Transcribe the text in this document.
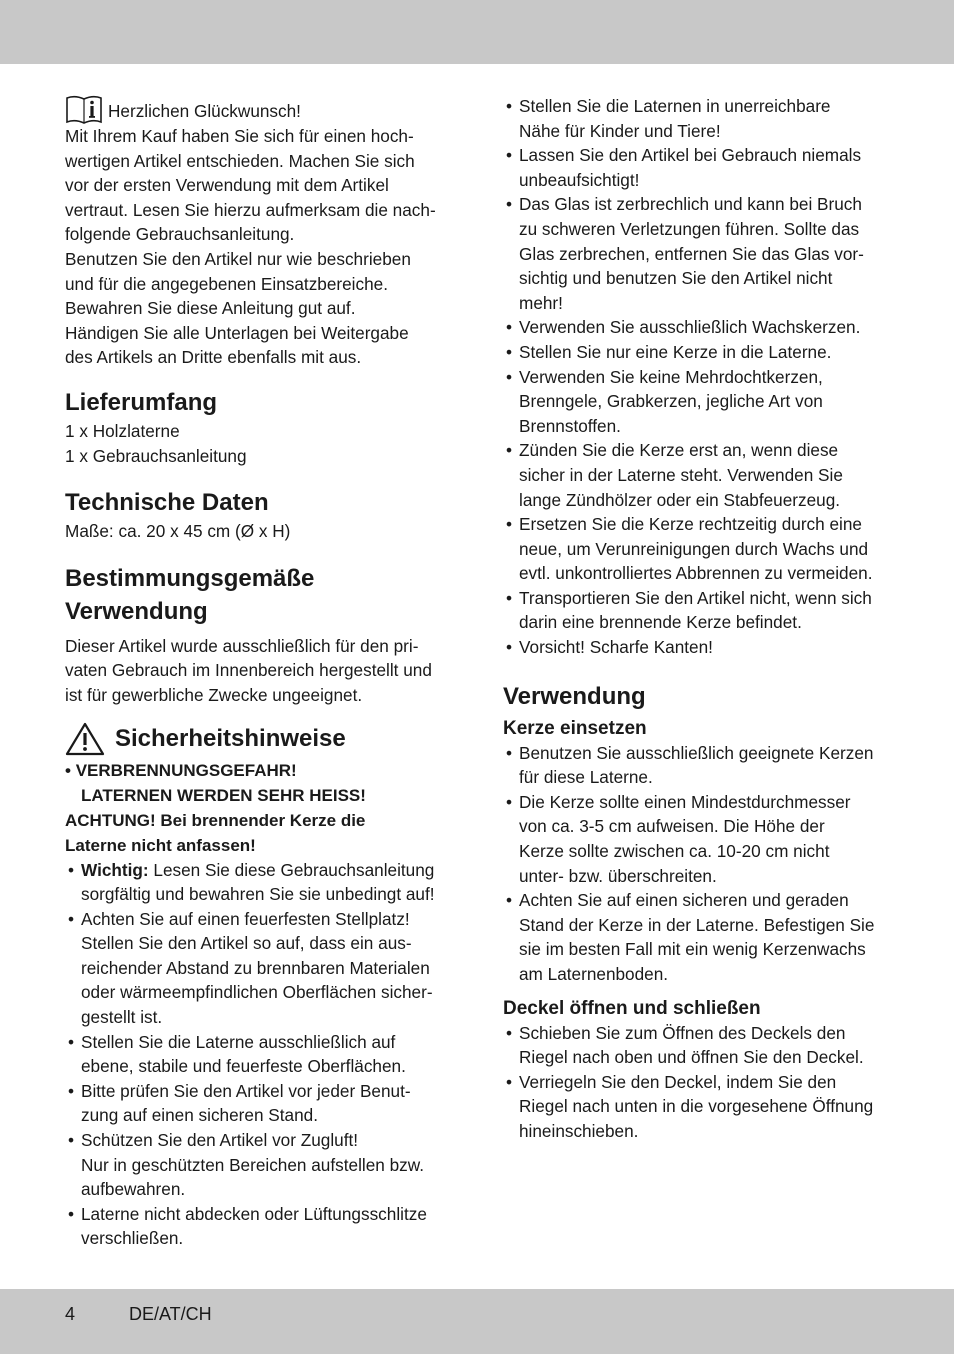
Herzlichen Glückwunsch!

Mit Ihrem Kauf haben Sie sich für einen hoch-

wertigen Artikel entschieden. Machen Sie sich

vor der ersten Verwendung mit dem Artikel

vertraut. Lesen Sie hierzu aufmerksam die nach-

folgende Gebrauchsanleitung.

Benutzen Sie den Artikel nur wie beschrieben

und für die angegebenen Einsatzbereiche.

Bewahren Sie diese Anleitung gut auf.

Händigen Sie alle Unterlagen bei Weitergabe

des Artikels an Dritte ebenfalls mit aus.

Lieferumfang

1 x Holzlaterne

1 x Gebrauchsanleitung

Technische Daten

Maße: ca. 20 x 45 cm (Ø x H)

Bestimmungsgemäße
Verwendung

Dieser Artikel wurde ausschließlich für den pri-

vaten Gebrauch im Innenbereich hergestellt und

ist für gewerbliche Zwecke ungeeignet.

Sicherheitshinweise
• VERBRENNUNGSGEFAHR!
LATERNEN WERDEN SEHR HEISS!
ACHTUNG! Bei brennender Kerze die
Laterne nicht anfassen!
• Wichtig: Lesen Sie diese Gebrauchsanleitung
sorgfältig und bewahren Sie sie unbedingt auf!
• Achten Sie auf einen feuerfesten Stellplatz!
Stellen Sie den Artikel so auf, dass ein aus-
reichender Abstand zu brennbaren Materialen
oder wärmeempfindlichen Oberflächen sicher-
gestellt ist.
• Stellen Sie die Laterne ausschließlich auf
ebene, stabile und feuerfeste Oberflächen.
• Bitte prüfen Sie den Artikel vor jeder Benut-
zung auf einen sicheren Stand.
• Schützen Sie den Artikel vor Zugluft!
Nur in geschützten Bereichen aufstellen bzw.
aufbewahren.
• Laterne nicht abdecken oder Lüftungsschlitze
verschließen.
• Stellen Sie die Laternen in unerreichbare
Nähe für Kinder und Tiere!
• Lassen Sie den Artikel bei Gebrauch niemals
unbeaufsichtigt!
• Das Glas ist zerbrechlich und kann bei Bruch
zu schweren Verletzungen führen. Sollte das
Glas zerbrechen, entfernen Sie das Glas vor-
sichtig und benutzen Sie den Artikel nicht
mehr!
• Verwenden Sie ausschließlich Wachskerzen.
• Stellen Sie nur eine Kerze in die Laterne.
• Verwenden Sie keine Mehrdochtkerzen,
Brenngele, Grabkerzen, jegliche Art von
Brennstoffen.
• Zünden Sie die Kerze erst an, wenn diese
sicher in der Laterne steht. Verwenden Sie
lange Zündhölzer oder ein Stabfeuerzeug.
• Ersetzen Sie die Kerze rechtzeitig durch eine
neue, um Verunreinigungen durch Wachs und
evtl. unkontrolliertes Abbrennen zu vermeiden.
• Transportieren Sie den Artikel nicht, wenn sich
darin eine brennende Kerze befindet.
• Vorsicht! Scharfe Kanten!
Verwendung
Kerze einsetzen
• Benutzen Sie ausschließlich geeignete Kerzen
für diese Laterne.
• Die Kerze sollte einen Mindestdurchmesser
von ca. 3-5 cm aufweisen. Die Höhe der
Kerze sollte zwischen ca. 10-20 cm nicht
unter- bzw. überschreiten.
• Achten Sie auf einen sicheren und geraden
Stand der Kerze in der Laterne. Befestigen Sie
sie im besten Fall mit ein wenig Kerzenwachs
am Laternenboden.
Deckel öffnen und schließen
• Schieben Sie zum Öffnen des Deckels den
Riegel nach oben und öffnen Sie den Deckel.
• Verriegeln Sie den Deckel, indem Sie den
Riegel nach unten in die vorgesehene Öffnung
hineinschieben.
4	DE/AT/CH
